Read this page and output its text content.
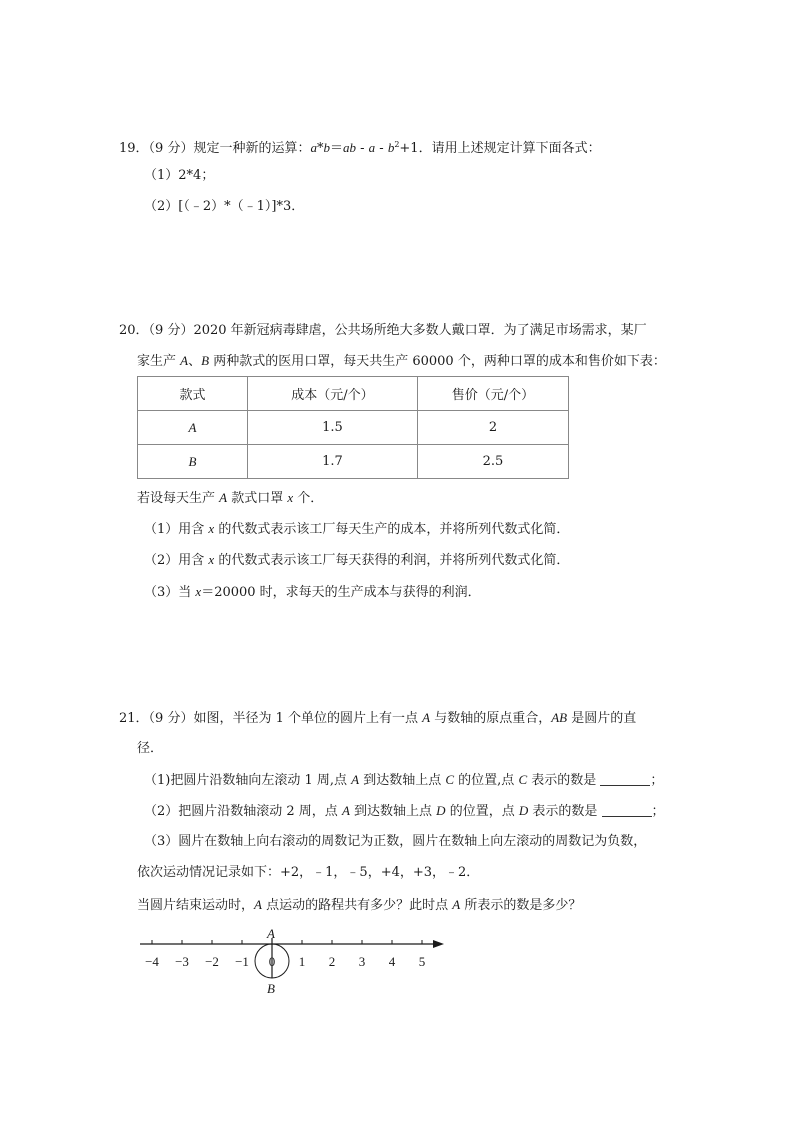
19．（9 分）规定一种新的运算：$a*b=ab - a - b^2+1$．请用上述规定计算下面各式：
（1）2*4；
（2）[（﹣2）*（﹣1）]*3．
20．（9 分）2020 年新冠病毒肆虐，公共场所绝大多数人戴口罩．为了满足市场需求，某厂
家生产 A、B 两种款式的医用口罩，每天共生产 60000 个，两种口罩的成本和售价如下表：
款式	成本（元/个）	售价（元/个）
A	1.5	2
B	1.7	2.5
若设每天生产 A 款式口罩 x 个．
（1）用含 x 的代数式表示该工厂每天生产的成本，并将所列代数式化简．
（2）用含 x 的代数式表示该工厂每天获得的利润，并将所列代数式化简．
（3）当 x＝20000 时，求每天的生产成本与获得的利润．
21．（9 分）如图，半径为 1 个单位的圆片上有一点 A 与数轴的原点重合，AB 是圆片的直
径．
（1)把圆片沿数轴向左滚动 1 周,点 A 到达数轴上点 C 的位置,点 C 表示的数是	；
（2）把圆片沿数轴滚动 2 周，点 A 到达数轴上点 D 的位置，点 D 表示的数是	；
（3）圆片在数轴上向右滚动的周数记为正数，圆片在数轴上向左滚动的周数记为负数，
依次运动情况记录如下：+2，﹣1，﹣5，+4，+3，﹣2．
当圆片结束运动时，A 点运动的路程共有多少？此时点 A 所表示的数是多少？
A
B
−4 −3 −2 −1 0 1 2 3 4 5
